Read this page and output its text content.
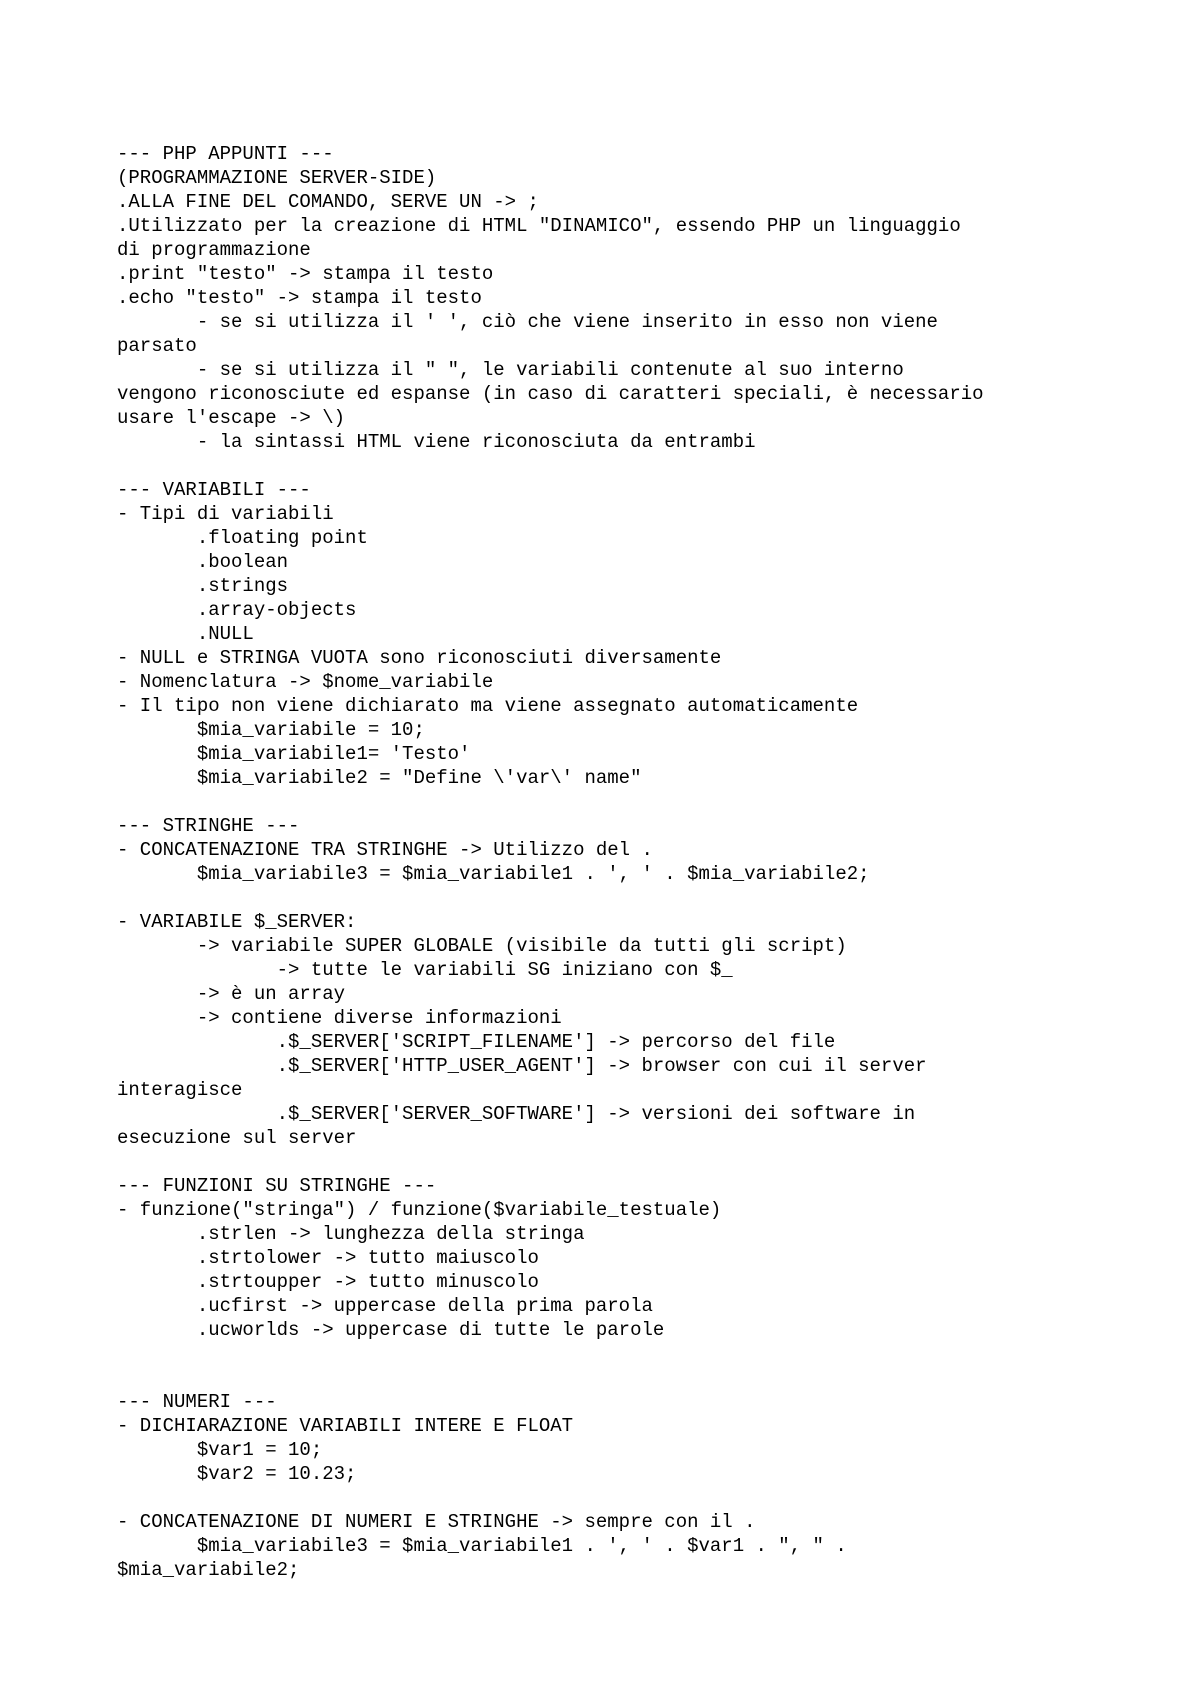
--- PHP APPUNTI ---
(PROGRAMMAZIONE SERVER-SIDE)
.ALLA FINE DEL COMANDO, SERVE UN -> ;
.Utilizzato per la creazione di HTML "DINAMICO", essendo PHP un linguaggio
di programmazione
.print "testo" -> stampa il testo
.echo "testo" -> stampa il testo
- se si utilizza il ' ', ciò che viene inserito in esso non viene
parsato
- se si utilizza il " ", le variabili contenute al suo interno
vengono riconosciute ed espanse (in caso di caratteri speciali, è necessario
usare l'escape -> \)
- la sintassi HTML viene riconosciuta da entrambi
--- VARIABILI ---
- Tipi di variabili
.floating point
.boolean
.strings
.array-objects
.NULL
- NULL e STRINGA VUOTA sono riconosciuti diversamente
- Nomenclatura -> $nome_variabile
- Il tipo non viene dichiarato ma viene assegnato automaticamente
$mia_variabile = 10;
$mia_variabile1= 'Testo'
$mia_variabile2 = "Define \'var\' name"
--- STRINGHE ---
- CONCATENAZIONE TRA STRINGHE -> Utilizzo del .
$mia_variabile3 = $mia_variabile1 . ', ' . $mia_variabile2;
- VARIABILE $_SERVER:
-> variabile SUPER GLOBALE (visibile da tutti gli script)
-> tutte le variabili SG iniziano con $_
-> è un array
-> contiene diverse informazioni
.$_SERVER['SCRIPT_FILENAME'] -> percorso del file
.$_SERVER['HTTP_USER_AGENT'] -> browser con cui il server
interagisce
.$_SERVER['SERVER_SOFTWARE'] -> versioni dei software in
esecuzione sul server
--- FUNZIONI SU STRINGHE ---
- funzione("stringa") / funzione($variabile_testuale)
.strlen -> lunghezza della stringa
.strtolower -> tutto maiuscolo
.strtoupper -> tutto minuscolo
.ucfirst -> uppercase della prima parola
.ucworlds -> uppercase di tutte le parole
--- NUMERI ---
- DICHIARAZIONE VARIABILI INTERE E FLOAT
$var1 = 10;
$var2 = 10.23;
- CONCATENAZIONE DI NUMERI E STRINGHE -> sempre con il .
$mia_variabile3 = $mia_variabile1 . ', ' . $var1 . ", " .
$mia_variabile2;
